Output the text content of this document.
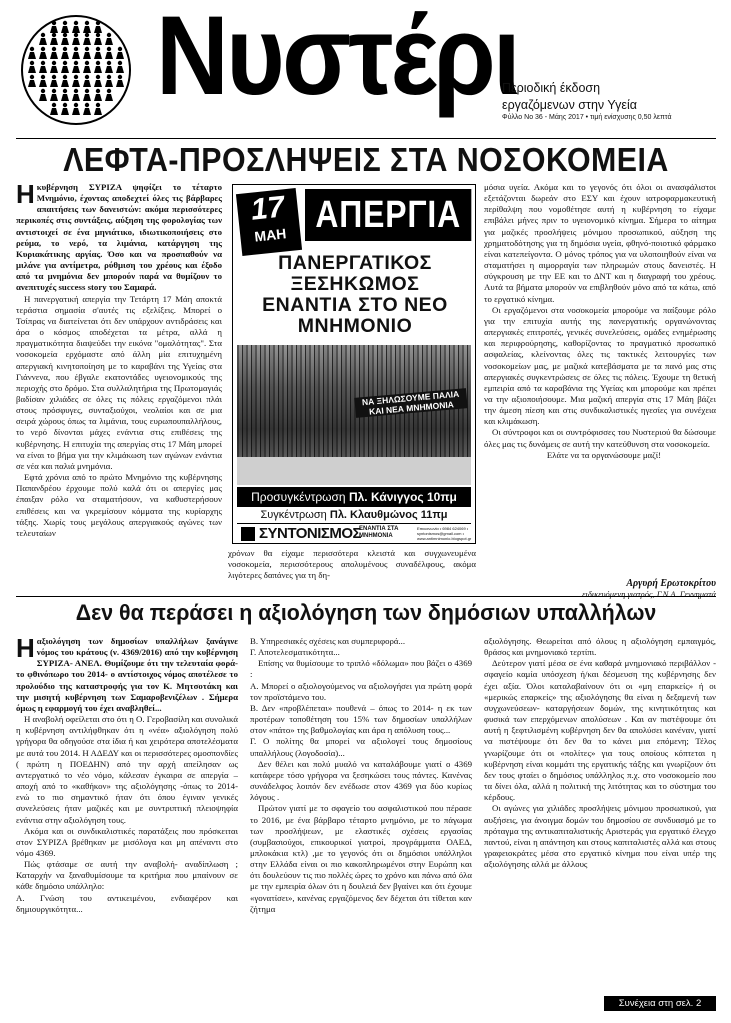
Νυστέρι
Περιοδική έκδοση
εργαζόμενων στην Υγεία
Φύλλο Νο 36 - Μάης 2017 • τιμή ενίσχυσης 0,50 λεπτά
ΛΕΦΤΑ-ΠΡΟΣΛΗΨΕΙΣ ΣΤΑ ΝΟΣΟΚΟΜΕΙΑ

Ηκυβέρνηση ΣΥΡΙΖΑ ψηφίζει το τέταρτο Μνημόνιο, έχοντας αποδεχτεί όλες τις βάρβαρες απαιτήσεις των δανειστών: ακόμα περισσότερες περικοπές στις συντάξεις, αύξηση της φορολογίας των αντιστοιχεί σε ένα μηνιάτικο, ιδιωτικοποιήσεις στο ρεύμα, το νερό, τα λιμάνια, κατάργηση της Κυριακάτικης αργίας. Όσο και να προσπαθούν να μιλάνε για αντίμετρα, ρύθμιση του χρέους και έξοδο από τα μνημόνια δεν μπορούν παρά να θυμίζουν το ανεπιτυχές success story του Σαμαρά.

Η πανεργατική απεργία την Τετάρτη 17 Μάη αποκτά τεράστια σημασία σ'αυτές τις εξελίξεις. Μπορεί ο Τσίπρας να διατείνεται ότι δεν υπάρχουν αντιδράσεις και άρα ο κόσμος αποδέχεται τα μέτρα, αλλά η πραγματικότητα διαψεύδει την εικόνα "ομαλότητας". Στα νοσοκομεία ερχόμαστε από άλλη μία επιτυχημένη απεργιακή κινητοποίηση με το καραβάνι της Υγείας στα Γιάννενα, που έβγαλε εκατοντάδες υγειονομικούς της περιοχής στο δρόμο. Στα συλλαλητήρια της Πρωτομαγιάς βαδίσαν χιλιάδες σε όλες τις πόλεις εργαζόμενοι πλάι στους πρόσφυγες, συνταξιούχοι, νεολαίοι και σε μια σειρά χώρους όπως τα λιμάνια, τους ευρωπουπαλλήλους, το νερό δίνονται μάχες ενάντια στις επιθέσεις της κυβέρνησης. Η επιτυχία της απεργίας στις 17 Μάη μπορεί να είναι το βήμα για την κλιμάκωση των αγώνων ενάντια σε νέα και παλιά μνημόνια.

Εφτά χρόνια από το πρώτο Μνημόνιο της κυβέρνησης Παπανδρέου έρχουμε πολύ καλά ότι οι απεργίες μας έπαιξαν ρόλο να σταματήσουν, να καθυστερήσουν επιθέσεις και να γκρεμίσουν κόμματα της κυρίαρχης τάξης. Χωρίς τους μεγάλους απεργιακούς αγώνες των τελευταίων

17
ΜΑΗ ΑΠΕΡΓΙΑ
ΠΑΝΕΡΓΑΤΙΚΟΣ
ΞΕΣΗΚΩΜΟΣ
ΕΝΑΝΤΙΑ ΣΤΟ ΝΕΟ
ΜΝΗΜΟΝΙΟ
ΝΑ ΞΗΛΩΣΟΥΜΕ ΠΑΛΙΑ ΚΑΙ ΝΕΑ ΜΝΗΜΟΝΙΑ
Προσυγκέντρωση Πλ. Κάνιγγος 10πμ
Συγκέντρωση Πλ. Κλαυθμώνος 11πμ
ΣΥΝΤΟΝΙΣΜΟΣ
ΕΝΑΝΤΙΑ ΣΤΑ ΜΝΗΜΟΝΙΑ
Επικοινωνία • 6984 624069 • syntonismos@gmail.com • www.antimnimonio.blogspot.gr

χρόνων θα είχαμε περισσότερα κλειστά και συγχωνευμένα νοσοκομεία, περισσότερους απολυμένους συναδέλφους, ακόμα λιγότερες δαπάνες για τη δη-

μόσια υγεία. Ακόμα και το γεγονός ότι όλοι οι ανασφάλιστοι εξετάζονται δωρεάν στο ΕΣΥ και έχουν ιατροφαρμακευτική περίθαλψη που νομοθέτησε αυτή η κυβέρνηση το είχαμε επιβάλει μήνες πριν το υγειονομικό κίνημα. Σήμερα το αίτημα για μαζικές προσλήψεις μόνιμου προσωπικού, αύξηση της χρηματοδότησης για τη δημόσια υγεία, φθηνό-ποιοτικό φάρμακο είναι κατεπείγοντα. Ο μόνος τρόπος για να υλοποιηθούν είναι να σταματήσει η αιμορραγία των πληρωμών στους δανειστές. Η σύγκρουση με την ΕΕ και το ΔΝΤ και η διαγραφή του χρέους. Αυτά τα βήματα μπορούν να επιβληθούν μόνο από τα κάτω, από το εργατικό κίνημα.

Οι εργαζόμενοι στα νοσοκομεία μπορούμε να παίξουμε ρόλο για την επιτυχία αυτής της πανεργατικής οργανώνοντας απεργιακές επιτροπές, γενικές συνελεύσεις, ομάδες ενημέρωσης και περιφρούρησης, καθορίζοντας το πραγματικό προσωπικό ασφαλείας, κλείνοντας όλες τις τακτικές λειτουργίες των νοσοκομείων μας, με μαζικά κατεβάσματα με τα πανό μας στις απεργιακές συγκεντρώσεις σε όλες τις πόλεις. Έχουμε τη θετική εμπειρία από τα καραβάνια της Υγείας και μπορούμε και πρέπει να την αξιοποιήσουμε. Μια μαζική απεργία στις 17 Μάη βάζει την άμεση πίεση και στις συνδικαλιστικές ηγεσίες για συνέχεια και κλιμάκωση.

Οι σύντροφοι και οι συντρόφισσες του Νυστεριού θα δώσουμε όλες μας τις δυνάμεις σε αυτή την κατεύθυνση στα νοσοκομεία.

Ελάτε να τα οργανώσουμε μαζί!

Αργυρή Ερωτοκρίτου
ειδικευόμενη γιατρός, Γ.Ν.Α. Γεννηματά
Δεν θα περάσει η αξιολόγηση των δημόσιων υπαλλήλων

Ηαξιολόγηση των δημοσίων υπαλλήλων ξανάγινε νόμος του κράτους (ν. 4369/2016) από την κυβέρνηση ΣΥΡΙΖΑ- ΑΝΕΛ. Θυμίζουμε ότι την τελευταία φορά- το φθινόπωρο του 2014- ο αντίστοιχος νόμος αποτέλεσε το προλούδιο της καταστροφής για τον Κ. Μητσοτάκη και την μισητή κυβέρνηση των Σαμαροβενιζέλων . Σήμερα όμως η εφαρμογή του έχει αναβληθεί...

Η αναβολή οφείλεται στο ότι η Ο. Γεροβασίλη και συνολικά η κυβέρνηση αντιλήφθηκαν ότι η «νέα» αξιολόγηση πολύ γρήγορα θα οδηγούσε στα ίδια ή και χειρότερα αποτελέσματα με αυτά του 2014. Η ΑΔΕΔΥ και οι περισσότερες ομοσπονδίες ( πρώτη η ΠΟΕΔΗΝ) από την αρχή απείλησαν ως αντεργατικό το νέο νόμο, κάλεσαν έγκαιρα σε απεργία – αποχή από το «καθήκον» της αξιολόγησης -όπως το 2014- ενώ το πιο σημαντικό ήταν ότι όπου έγιναν γενικές συνελεύσεις ήταν μαζικές και με συντριπτική πλειοψηφία ενάντια στην αξιολόγηση τους.

Ακόμα και οι συνδικαλιστικές παρατάξεις που πρόσκειται στον ΣΥΡΙΖΑ βρέθηκαν με μισόλογα και μη απέναντι στο νόμο 4369.

Πώς φτάσαμε σε αυτή την αναβολή- αναδίπλωση ; Καταρχήν να ξαναθυμίσουμε τα κριτήρια που μπαίνουν σε κάθε δημόσιο υπάλληλο:

Α. Γνώση του αντικειμένου, ενδιαφέρον και δημιουργικότητα...

Β. Υπηρεσιακές σχέσεις και συμπεριφορά...

Γ. Αποτελεσματικότητα...

Επίσης να θυμίσουμε το τριπλό «δόλωμα» που βάζει ο 4369 :

Α. Μπορεί ο αξιολογούμενος να αξιολογήσει για πρώτη φορά τον προϊστάμενο του.

Β. Δεν «προβλέπεται» πουθενά – όπως το 2014- η εκ των προτέρων τοποθέτηση του 15% των δημοσίων υπαλλήλων στον «πάτο» της βαθμολογίας και άρα η απόλυση τους...

Γ. Ο πολίτης θα μπορεί να αξιολογεί τους δημοσίους υπαλλήλους (λογοδοσία)...

Δεν θέλει και πολύ μυαλό να καταλάβουμε γιατί ο 4369 κατάφερε τόσο γρήγορα να ξεσηκώσει τους πάντες. Κανένας συνάδελφος λοιπόν δεν ενέδωσε στον 4369 για δύο κυρίως λόγους .

Πρώτον γιατί με το σφαγείο του ασφαλιστικού που πέρασε το 2016, με ένα βάρβαρο τέταρτο μνημόνιο, με το πάγωμα των προσλήψεων, με ελαστικές σχέσεις εργασίας (συμβασιούχοι, επικουρικοί γιατροί, προγράμματα ΟΑΕΔ, μπλοκάκια κτλ) ,με το γεγονός ότι οι δημόσιοι υπάλληλοι στην Ελλάδα είναι οι πιο κακοπληρωμένοι στην Ευρώπη και ότι δουλεύουν τις πιο πολλές ώρες το χρόνο και πάνω από όλα με την εμπειρία όλων ότι η δουλειά δεν βγαίνει και ότι έχουμε «γονατίσει», κανένας εργαζόμενος δεν δέχεται ότι τίθεται καν ζήτημα

αξιολόγησης. Θεωρείται από όλους η αξιολόγηση εμπαιγμός, θράσος και μνημονιακό τερτίπι.

Δεύτερον γιατί μέσα σε ένα καθαρά μνημονιακό περιβάλλον - σφαγείο καμία υπόσχεση ή/και δέσμευση της κυβέρνησης δεν έχει αξία. Όλοι καταλαβαίνουν ότι οι «μη επαρκείς» ή οι «μερικώς επαρκείς» της αξιολόγησης θα είναι η δεξαμενή των συγχωνεύσεων- καταργήσεων δομών, της κινητικότητας και φυσικά των επερχόμενων απολύσεων . Και αν πιστέψουμε ότι αυτή η ξεφτιλισμένη κυβέρνηση δεν θα απολύσει κανέναν, γιατί να πιστέψουμε ότι δεν θα το κάνει μια επόμενη; Τέλος γνωρίζουμε ότι οι «πολίτες» για τους οποίους κόπτεται η κυβέρνηση είναι κομμάτι της εργατικής τάξης και γνωρίζουν ότι δεν τους φταίει ο δημόσιος υπάλληλος π.χ. στο νοσοκομείο που τα δίνει όλα, αλλά η πολιτική της λιτότητας και το σύστημα του κέρδους.

Οι αγώνες για χιλιάδες προσλήψεις μόνιμου προσωπικού, για αυξήσεις, για άνοιγμα δομών του δημοσίου σε συνδυασμό με το πρόταγμα της αντικαπιταλιστικής Αριστεράς για εργατικό έλεγχο παντού, είναι η απάντηση και στους καπιταλιστές αλλά και στους γραφειοκράτες μέσα στο εργατικό κίνημα που είναι υπέρ της αξιολόγησης αλλά με άλλους

Συνέχεια στη σελ. 2
